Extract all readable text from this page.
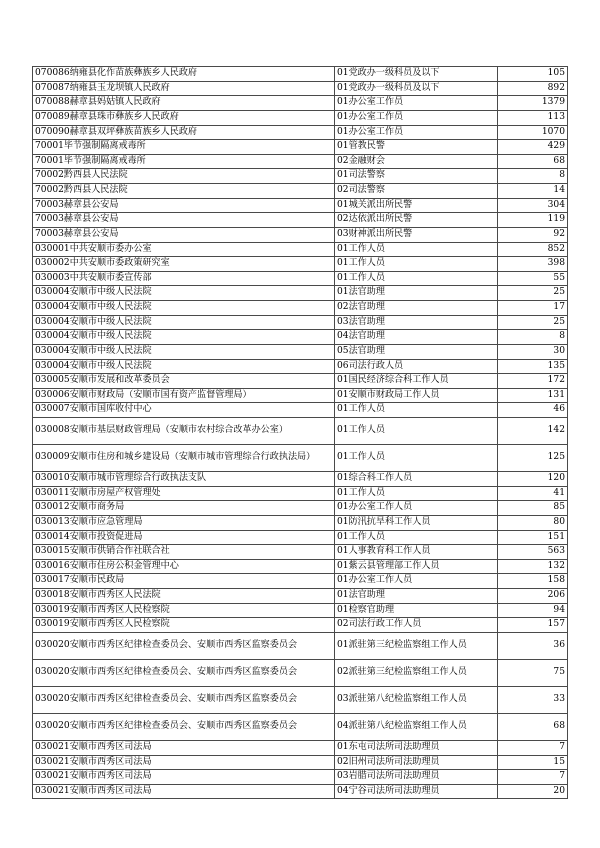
070086纳雍县化作苗族彝族乡人民政府	01党政办一级科员及以下	105
070087纳雍县玉龙坝镇人民政府	01党政办一级科员及以下	892
070088赫章县妈姑镇人民政府	01办公室工作员	1379
070089赫章县珠市彝族乡人民政府	01办公室工作员	113
070090赫章县双坪彝族苗族乡人民政府	01办公室工作员	1070
70001毕节强制隔离戒毒所	01管教民警	429
70001毕节强制隔离戒毒所	02金融财会	68
70002黔西县人民法院	01司法警察	8
70002黔西县人民法院	02司法警察	14
70003赫章县公安局	01城关派出所民警	304
70003赫章县公安局	02达依派出所民警	119
70003赫章县公安局	03财神派出所民警	92
030001中共安顺市委办公室	01工作人员	852
030002中共安顺市委政策研究室	01工作人员	398
030003中共安顺市委宣传部	01工作人员	55
030004安顺市中级人民法院	01法官助理	25
030004安顺市中级人民法院	02法官助理	17
030004安顺市中级人民法院	03法官助理	25
030004安顺市中级人民法院	04法官助理	8
030004安顺市中级人民法院	05法官助理	30
030004安顺市中级人民法院	06司法行政人员	135
030005安顺市发展和改革委员会	01国民经济综合科工作人员	172
030006安顺市财政局（安顺市国有资产监督管理局）	01安顺市财政局工作人员	131
030007安顺市国库收付中心	01工作人员	46
030008安顺市基层财政管理局（安顺市农村综合改革办公室）	01工作人员	142
030009安顺市住房和城乡建设局（安顺市城市管理综合行政执法局）	01工作人员	125
030010安顺市城市管理综合行政执法支队	01综合科工作人员	120
030011安顺市房屋产权管理处	01工作人员	41
030012安顺市商务局	01办公室工作人员	85
030013安顺市应急管理局	01防汛抗旱科工作人员	80
030014安顺市投资促进局	01工作人员	151
030015安顺市供销合作社联合社	01人事教育科工作人员	563
030016安顺市住房公积金管理中心	01紫云县管理部工作人员	132
030017安顺市民政局	01办公室工作人员	158
030018安顺市西秀区人民法院	01法官助理	206
030019安顺市西秀区人民检察院	01检察官助理	94
030019安顺市西秀区人民检察院	02司法行政工作人员	157
030020安顺市西秀区纪律检查委员会、安顺市西秀区监察委员会	01派驻第三纪检监察组工作人员	36
030020安顺市西秀区纪律检查委员会、安顺市西秀区监察委员会	02派驻第三纪检监察组工作人员	75
030020安顺市西秀区纪律检查委员会、安顺市西秀区监察委员会	03派驻第八纪检监察组工作人员	33
030020安顺市西秀区纪律检查委员会、安顺市西秀区监察委员会	04派驻第八纪检监察组工作人员	68
030021安顺市西秀区司法局	01东屯司法所司法助理员	7
030021安顺市西秀区司法局	02旧州司法所司法助理员	15
030021安顺市西秀区司法局	03岩腊司法所司法助理员	7
030021安顺市西秀区司法局	04宁谷司法所司法助理员	20
